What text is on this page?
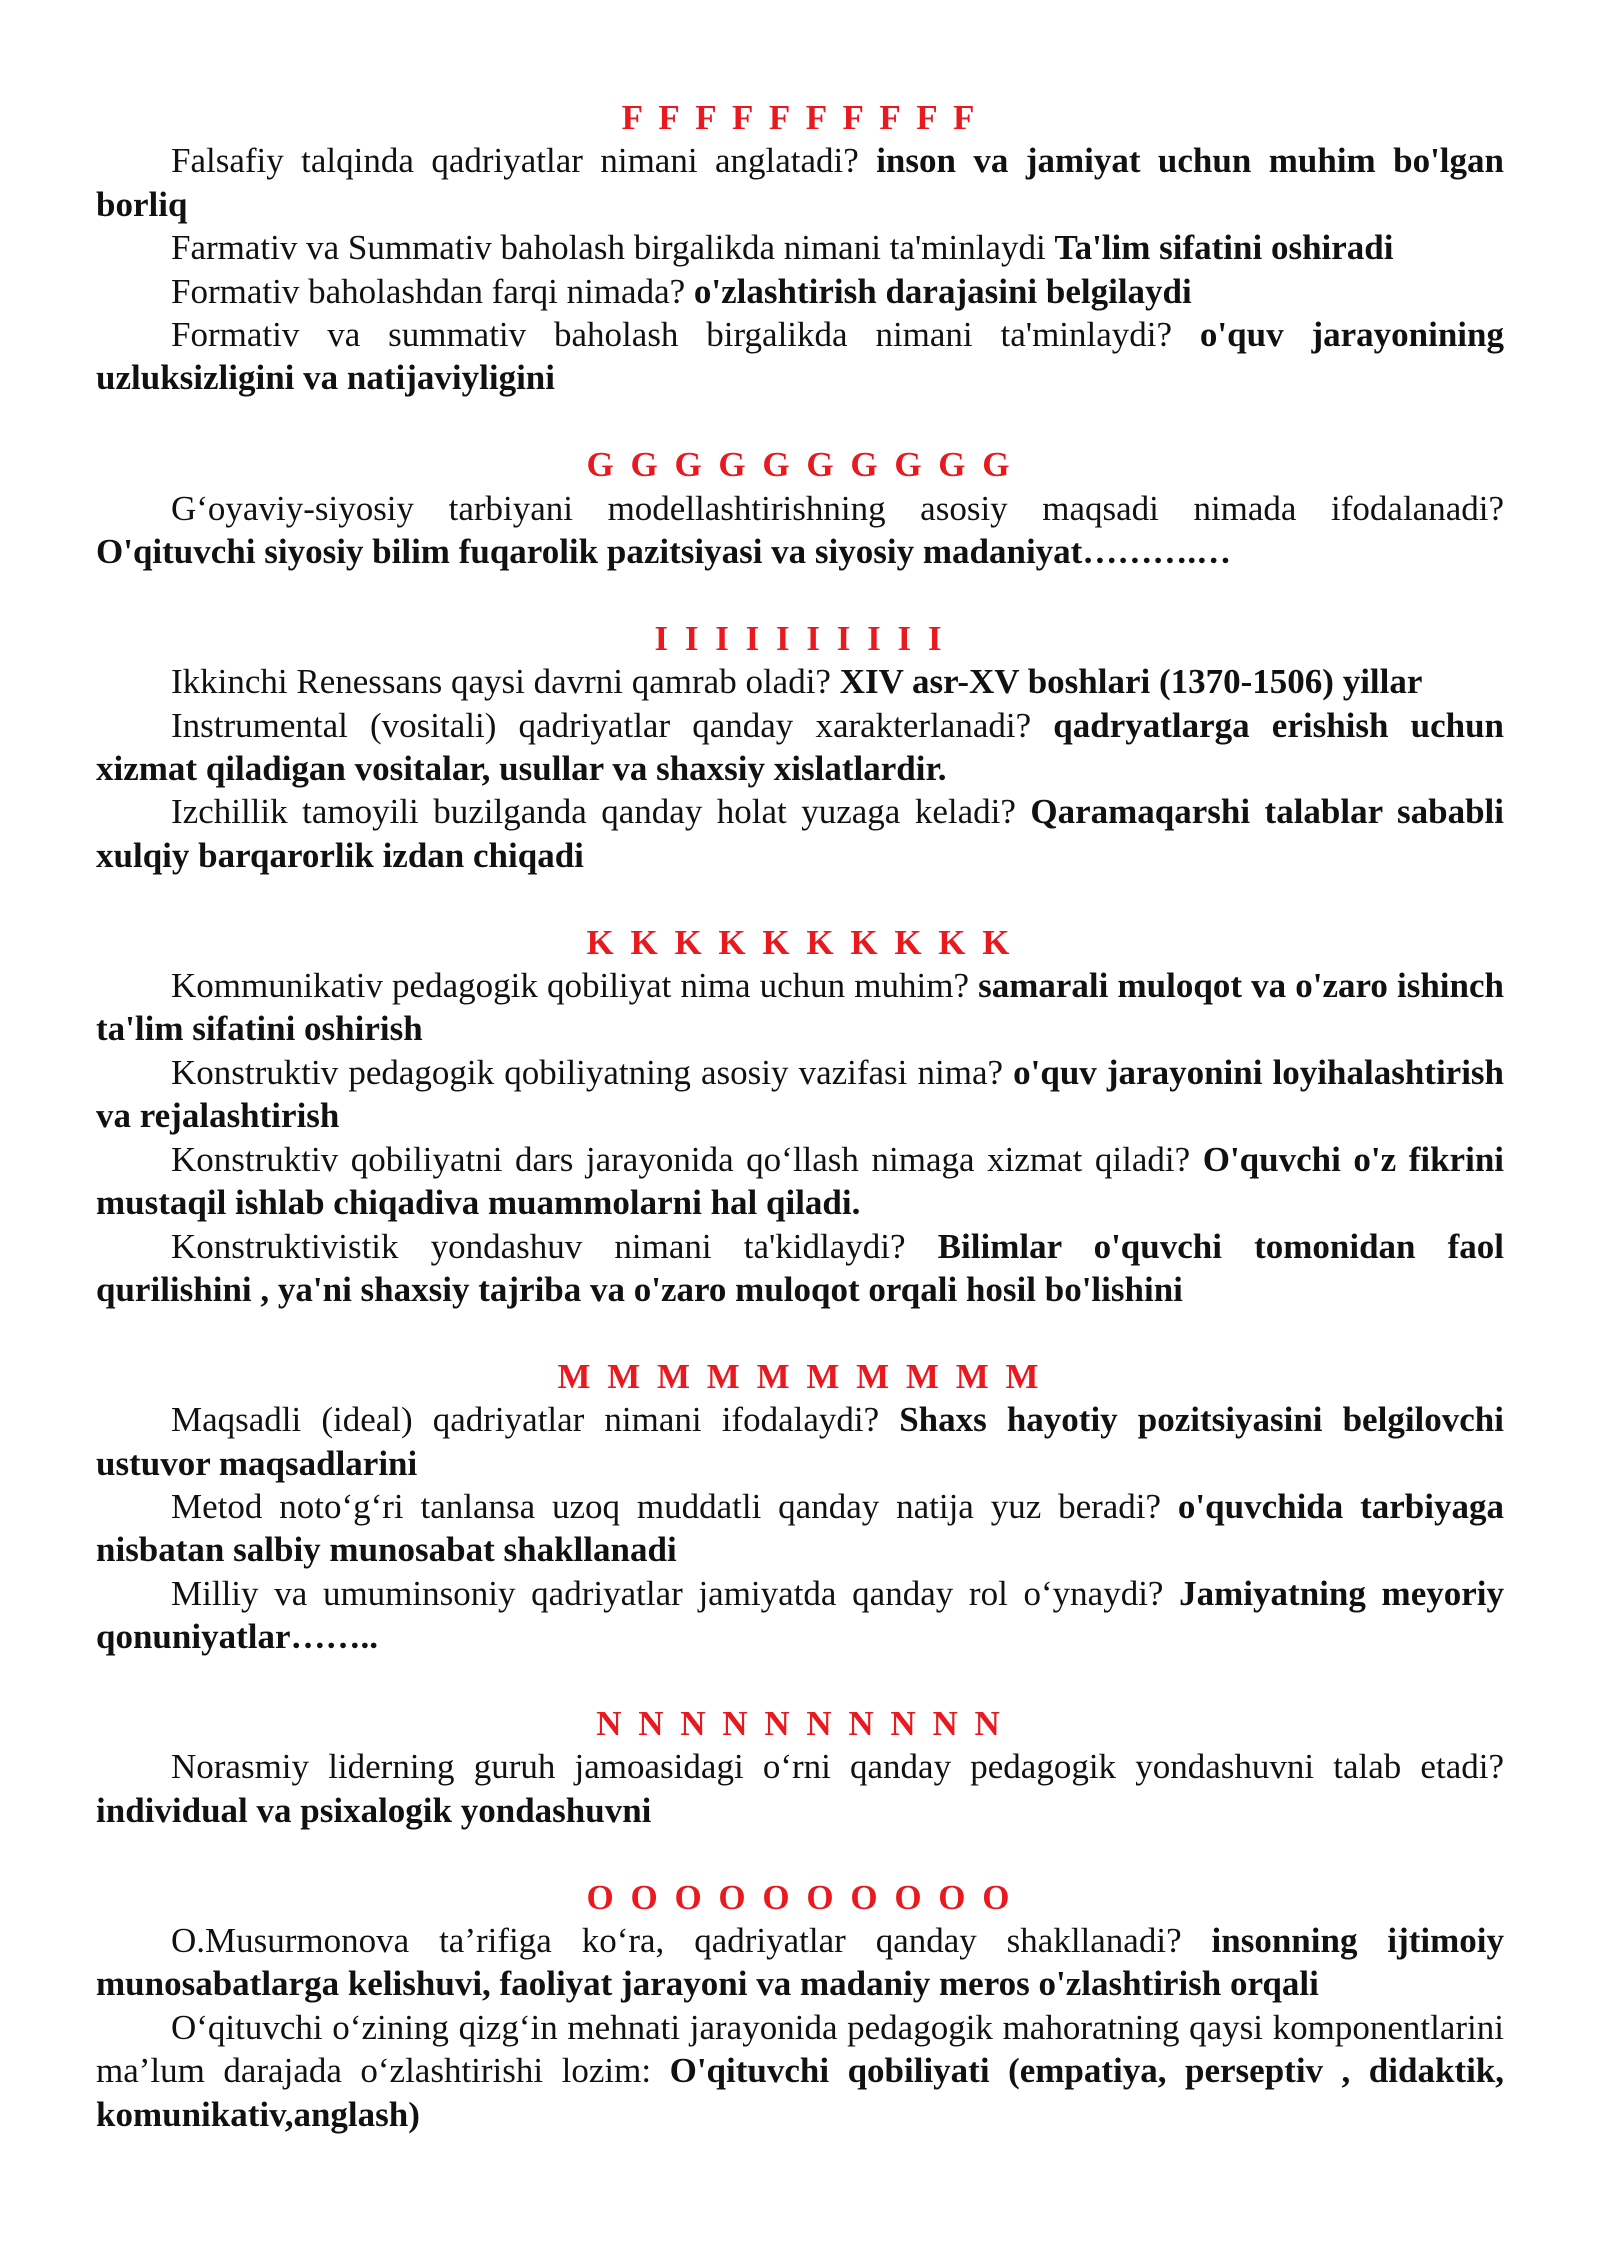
F F F F F F F F F F

Falsafiy talqinda qadriyatlar nimani anglatadi? inson va jamiyat uchun muhim bo'lgan borliq

Farmativ va Summativ baholash birgalikda nimani ta'minlaydi Ta'lim sifatini oshiradi

Formativ baholashdan farqi nimada? o'zlashtirish darajasini belgilaydi

Formativ va summativ baholash birgalikda nimani ta'minlaydi? o'quv jarayonining uzluksizligini va natijaviyligini

G G G G G G G G G G

G‘oyaviy-siyosiy tarbiyani modellashtirishning asosiy maqsadi nimada ifodalanadi? O'qituvchi siyosiy bilim fuqarolik pazitsiyasi va siyosiy madaniyat……….…

I I I I I I I I I I

Ikkinchi Renessans qaysi davrni qamrab oladi? XIV asr-XV boshlari (1370-1506) yillar

Instrumental (vositali) qadriyatlar qanday xarakterlanadi? qadryatlarga erishish uchun xizmat qiladigan vositalar, usullar va shaxsiy xislatlardir.

Izchillik tamoyili buzilganda qanday holat yuzaga keladi? Qaramaqarshi talablar sababli xulqiy barqarorlik izdan chiqadi

K K K K K K K K K K

Kommunikativ pedagogik qobiliyat nima uchun muhim? samarali muloqot va o'zaro ishinch ta'lim sifatini oshirish

Konstruktiv pedagogik qobiliyatning asosiy vazifasi nima? o'quv jarayonini loyihalashtirish va rejalashtirish

Konstruktiv qobiliyatni dars jarayonida qo‘llash nimaga xizmat qiladi? O'quvchi o'z fikrini mustaqil ishlab chiqadiva muammolarni hal qiladi.

Konstruktivistik yondashuv nimani ta'kidlaydi? Bilimlar o'quvchi tomonidan faol qurilishini , ya'ni shaxsiy tajriba va o'zaro muloqot orqali hosil bo'lishini

M M M M M M M M M M

Maqsadli (ideal) qadriyatlar nimani ifodalaydi? Shaxs hayotiy pozitsiyasini belgilovchi ustuvor maqsadlarini

Metod noto‘g‘ri tanlansa uzoq muddatli qanday natija yuz beradi? o'quvchida tarbiyaga nisbatan salbiy munosabat shakllanadi

Milliy va umuminsoniy qadriyatlar jamiyatda qanday rol o‘ynaydi? Jamiyatning meyoriy qonuniyatlar……..

N N N N N N N N N N

Norasmiy liderning guruh jamoasidagi o‘rni qanday pedagogik yondashuvni talab etadi? individual va psixalogik yondashuvni

O O O O O O O O O O

O.Musurmonova ta’rifiga ko‘ra, qadriyatlar qanday shakllanadi? insonning ijtimoiy munosabatlarga kelishuvi, faoliyat jarayoni va madaniy meros o'zlashtirish orqali

O‘qituvchi o‘zining qizg‘in mehnati jarayonida pedagogik mahoratning qaysi komponentlarini ma’lum darajada o‘zlashtirishi lozim: O'qituvchi qobiliyati (empatiya, perseptiv , didaktik, komunikativ,anglash)
